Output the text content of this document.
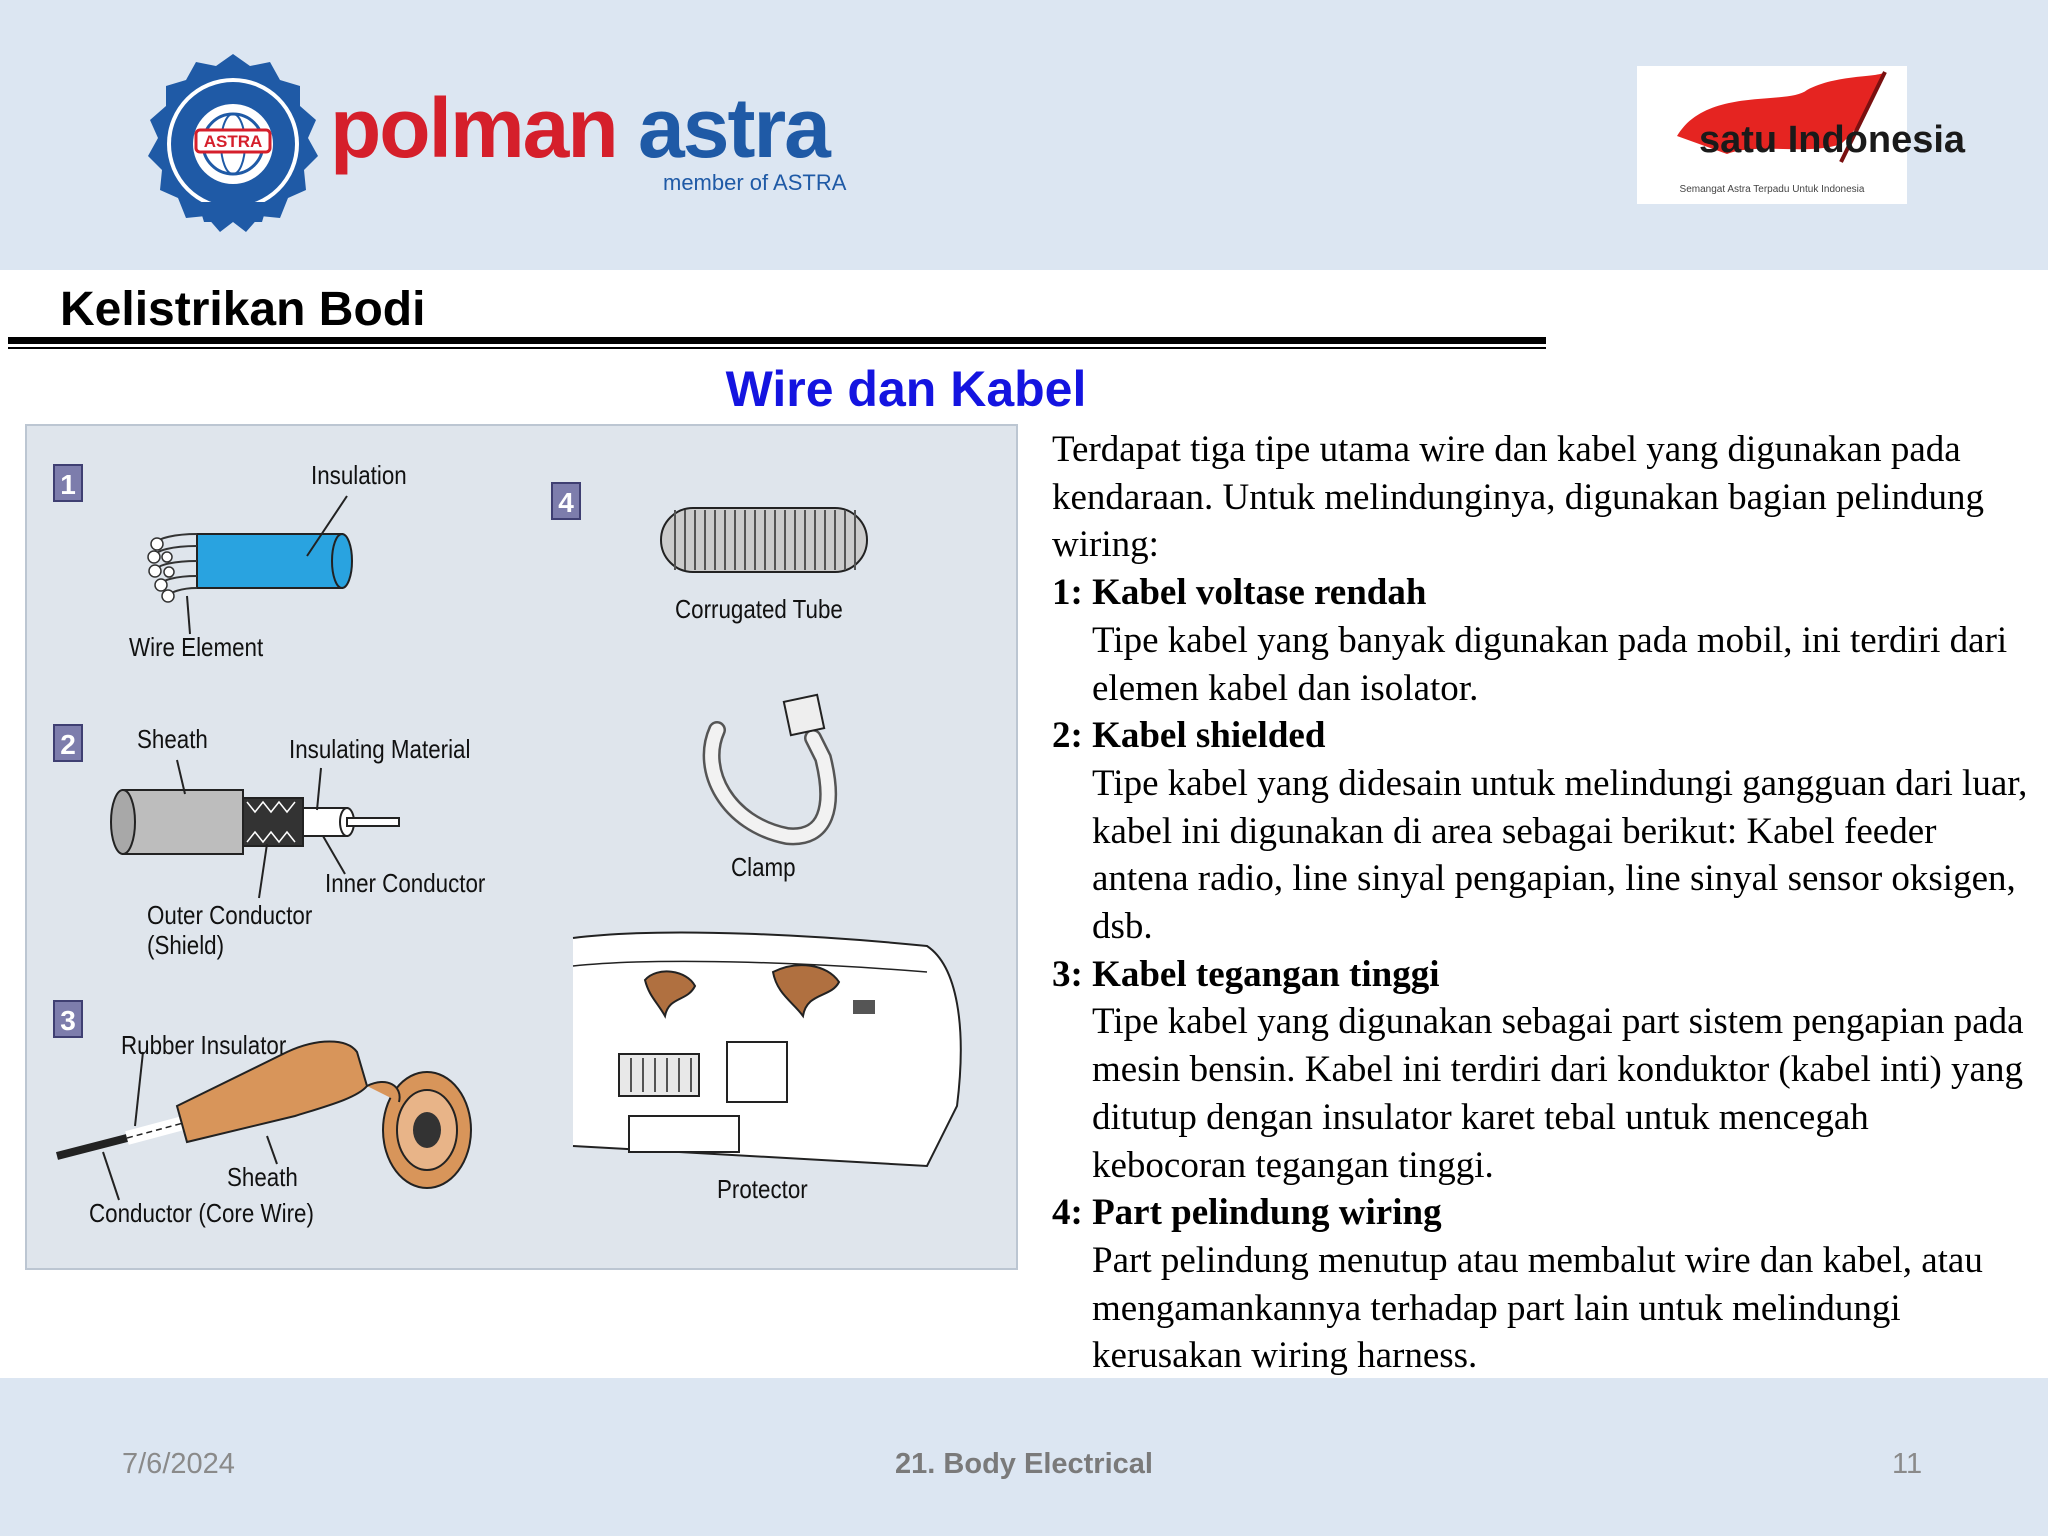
ASTRA polman astra
member of ASTRA
satu Indonesia
Semangat Astra Terpadu Untuk Indonesia
Kelistrikan Bodi
Wire dan Kabel
1
2
3
4
Insulation
Wire Element
Sheath	Insulating Material
Inner Conductor
Outer Conductor
(Shield)
Rubber Insulator
Sheath
Conductor (Core Wire)
Corrugated Tube
Clamp
Protector

Terdapat tiga tipe utama wire dan kabel yang digunakan pada kendaraan. Untuk melindunginya, digunakan bagian pelindung wiring:

1: Kabel voltase rendah

Tipe kabel yang banyak digunakan pada mobil, ini terdiri dari elemen kabel dan isolator.

2: Kabel shielded

Tipe kabel yang didesain untuk melindungi gangguan dari luar, kabel ini digunakan di area sebagai berikut: Kabel feeder antena radio, line sinyal pengapian, line sinyal sensor oksigen, dsb.

3: Kabel tegangan tinggi

Tipe kabel yang digunakan sebagai part sistem pengapian pada mesin bensin. Kabel ini terdiri dari konduktor (kabel inti) yang ditutup dengan insulator karet tebal untuk mencegah kebocoran tegangan tinggi.

4: Part pelindung wiring

Part pelindung menutup atau membalut wire dan kabel, atau mengamankannya terhadap part lain untuk melindungi kerusakan wiring harness.

7/6/2024	21. Body Electrical	11
